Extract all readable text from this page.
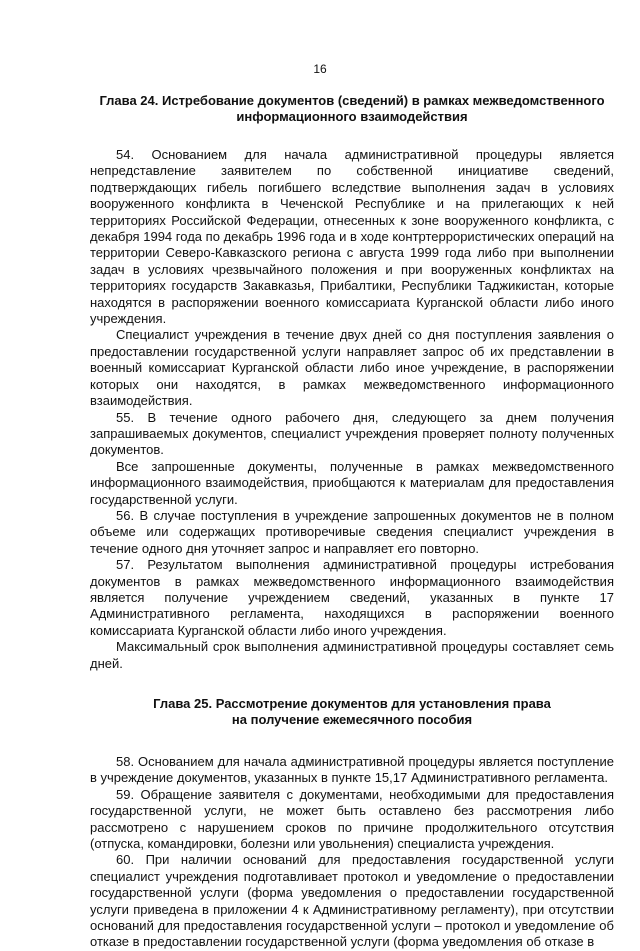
16
Глава 24. Истребование документов (сведений) в рамках межведомственного
информационного взаимодействия

54. Основанием для начала административной процедуры является непредставление заявителем по собственной инициативе сведений, подтверждающих гибель погибшего вследствие выполнения задач в условиях вооруженного конфликта в Чеченской Республике и на прилегающих к ней территориях Российской Федерации, отнесенных к зоне вооруженного конфликта, с декабря 1994 года по декабрь 1996 года и в ходе контртеррористических операций на территории Северо-Кавказского региона с августа 1999 года либо при выполнении задач в условиях чрезвычайного положения и при вооруженных конфликтах на территориях государств Закавказья, Прибалтики, Республики Таджикистан, которые находятся в распоряжении военного комиссариата Курганской области либо иного учреждения.

Специалист учреждения в течение двух дней со дня поступления заявления о предоставлении государственной услуги направляет запрос об их представлении в военный комиссариат Курганской области либо иное учреждение, в распоряжении которых они находятся, в рамках межведомственного информационного взаимодействия.

55. В течение одного рабочего дня, следующего за днем получения запрашиваемых документов, специалист учреждения проверяет полноту полученных документов.

Все запрошенные документы, полученные в рамках межведомственного информационного взаимодействия, приобщаются к материалам для предоставления государственной услуги.

56. В случае поступления в учреждение запрошенных документов не в полном объеме или содержащих противоречивые сведения специалист учреждения в течение одного дня уточняет запрос и направляет его повторно.

57. Результатом выполнения административной процедуры истребования документов в рамках межведомственного информационного взаимодействия является получение учреждением сведений, указанных в пункте 17 Административного регламента, находящихся в распоряжении военного комиссариата Курганской области либо иного учреждения.

Максимальный срок выполнения административной процедуры составляет семь дней.

Глава 25. Рассмотрение документов для установления права
на получение ежемесячного пособия

58. Основанием для начала административной процедуры является поступление в учреждение документов, указанных в пункте 15,17 Административного регламента.

59. Обращение заявителя с документами, необходимыми для предоставления государственной услуги, не может быть оставлено без рассмотрения либо рассмотрено с нарушением сроков по причине продолжительного отсутствия (отпуска, командировки, болезни или увольнения) специалиста учреждения.

60. При наличии оснований для предоставления государственной услуги специалист учреждения подготавливает протокол и уведомление о предоставлении государственной услуги (форма уведомления о предоставлении государственной услуги приведена в приложении 4 к Административному регламенту), при отсутствии оснований для предоставления государственной услуги – протокол и уведомление об отказе в предоставлении государственной услуги (форма уведомления об отказе в
